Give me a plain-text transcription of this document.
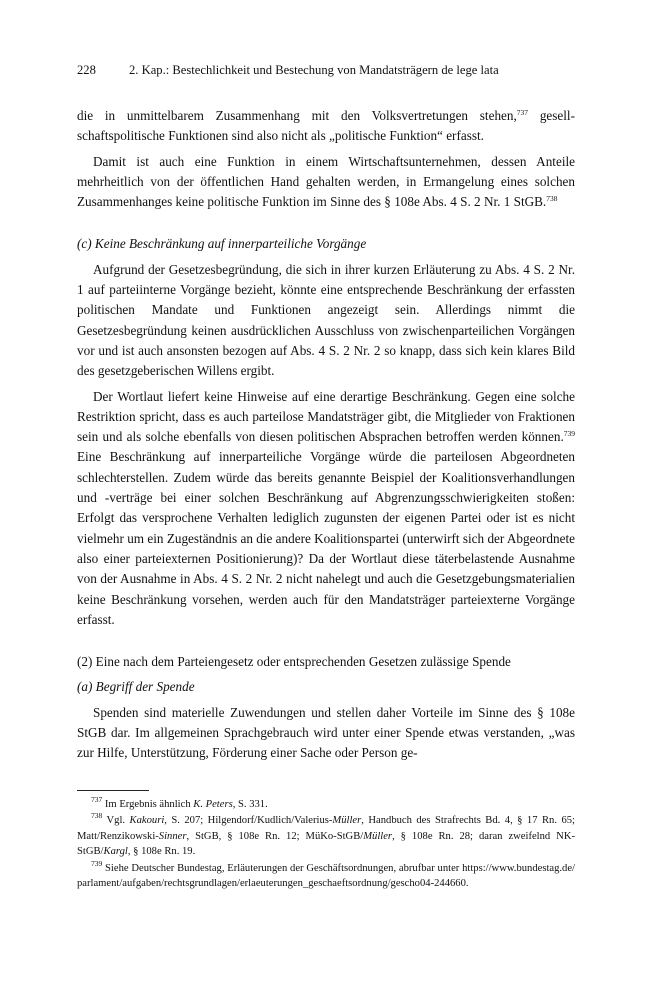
228	2. Kap.: Bestechlichkeit und Bestechung von Mandatsträgern de lege lata

die in unmittelbarem Zusammenhang mit den Volksvertretungen stehen,$^{737}$ gesellschaftspolitische Funktionen sind also nicht als „politische Funktion“ erfasst.

Damit ist auch eine Funktion in einem Wirtschaftsunternehmen, dessen Anteile mehrheitlich von der öffentlichen Hand gehalten werden, in Ermangelung eines solchen Zusammenhanges keine politische Funktion im Sinne des § 108e Abs. 4 S. 2 Nr. 1 StGB.$^{738}$

(c) Keine Beschränkung auf innerparteiliche Vorgänge

Aufgrund der Gesetzesbegründung, die sich in ihrer kurzen Erläuterung zu Abs. 4 S. 2 Nr. 1 auf parteiinterne Vorgänge bezieht, könnte eine entsprechende Beschränkung der erfassten politischen Mandate und Funktionen angezeigt sein. Allerdings nimmt die Gesetzesbegründung keinen ausdrücklichen Ausschluss von zwischenparteilichen Vorgängen vor und ist auch ansonsten bezogen auf Abs. 4 S. 2 Nr. 2 so knapp, dass sich kein klares Bild des gesetzgeberischen Willens ergibt.

Der Wortlaut liefert keine Hinweise auf eine derartige Beschränkung. Gegen eine solche Restriktion spricht, dass es auch parteilose Mandatsträger gibt, die Mitglieder von Fraktionen sein und als solche ebenfalls von diesen politischen Absprachen betroffen werden können.$^{739}$ Eine Beschränkung auf innerparteiliche Vorgänge würde die parteilosen Abgeordneten schlechterstellen. Zudem würde das bereits genannte Beispiel der Koalitionsverhandlungen und -verträge bei einer solchen Beschränkung auf Abgrenzungsschwierigkeiten stoßen: Erfolgt das versprochene Verhalten lediglich zugunsten der eigenen Partei oder ist es nicht vielmehr um ein Zugeständnis an die andere Koalitionspartei (unterwirft sich der Abgeordnete also einer parteiexternen Positionierung)? Da der Wortlaut diese täterbelastende Ausnahme von der Ausnahme in Abs. 4 S. 2 Nr. 2 nicht nahelegt und auch die Gesetzgebungsmaterialien keine Beschränkung vorsehen, werden auch für den Mandatsträger parteiexterne Vorgänge erfasst.

(2) Eine nach dem Parteiengesetz oder entsprechenden Gesetzen zulässige Spende

(a) Begriff der Spende

Spenden sind materielle Zuwendungen und stellen daher Vorteile im Sinne des § 108e StGB dar. Im allgemeinen Sprachgebrauch wird unter einer Spende etwas verstanden, „was zur Hilfe, Unterstützung, Förderung einer Sache oder Person ge-

$^{737}$ Im Ergebnis ähnlich K. Peters, S. 331.

$^{738}$ Vgl. Kakouri, S. 207; Hilgendorf/Kudlich/Valerius-Müller, Handbuch des Strafrechts Bd. 4, § 17 Rn. 65; Matt/Renzikowski-Sinner, StGB, § 108e Rn. 12; MüKo-StGB/Müller, § 108e Rn. 28; daran zweifelnd NK-StGB/Kargl, § 108e Rn. 19.

$^{739}$ Siehe Deutscher Bundestag, Erläuterungen der Geschäftsordnungen, abrufbar unter https://www.bundestag.de/parlament/aufgaben/rechtsgrundlagen/erlaeuterungen_geschaeftsordnung/gescho04-244660.
